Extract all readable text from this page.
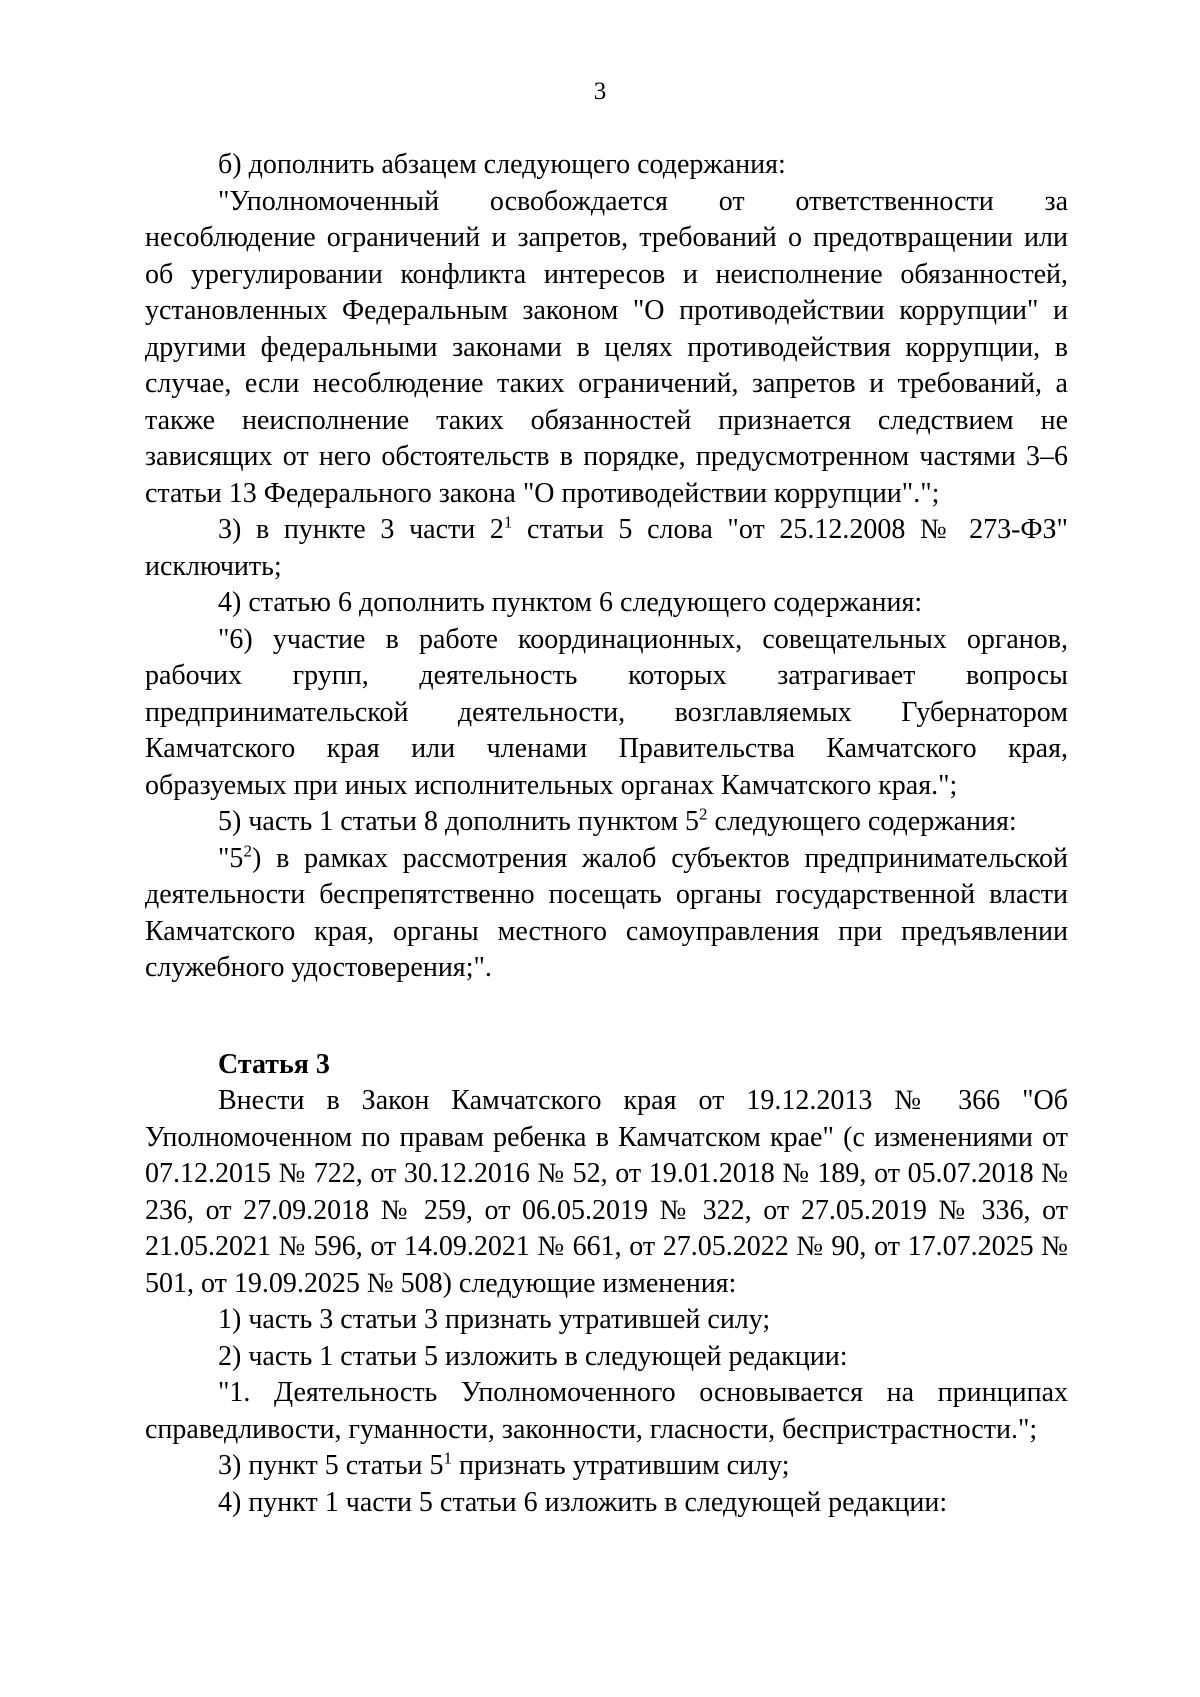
3

б) дополнить абзацем следующего содержания:

"Уполномоченный освобождается от ответственности за несоблюдение ограничений и запретов, требований о предотвращении или об урегулировании конфликта интересов и неисполнение обязанностей, установленных Федеральным законом "О противодействии коррупции" и другими федеральными законами в целях противодействия коррупции, в случае, если несоблюдение таких ограничений, запретов и требований, а также неисполнение таких обязанностей признается следствием не зависящих от него обстоятельств в порядке, предусмотренном частями 3–6 статьи 13 Федерального закона "О противодействии коррупции".";

3) в пункте 3 части $2^1$ статьи 5 слова "от 25.12.2008 № 273-ФЗ" исключить;

4) статью 6 дополнить пунктом 6 следующего содержания:

"6) участие в работе координационных, совещательных органов, рабочих групп, деятельность которых затрагивает вопросы предпринимательской деятельности, возглавляемых Губернатором Камчатского края или членами Правительства Камчатского края, образуемых при иных исполнительных органах Камчатского края.";

5) часть 1 статьи 8 дополнить пунктом $5^2$ следующего содержания:

"$5^2$) в рамках рассмотрения жалоб субъектов предпринимательской деятельности беспрепятственно посещать органы государственной власти Камчатского края, органы местного самоуправления при предъявлении служебного удостоверения;".

Статья 3

Внести в Закон Камчатского края от 19.12.2013 № 366 "Об Уполномоченном по правам ребенка в Камчатском крае" (с изменениями от 07.12.2015 № 722, от 30.12.2016 № 52, от 19.01.2018 № 189, от 05.07.2018 № 236, от 27.09.2018 № 259, от 06.05.2019 № 322, от 27.05.2019 № 336, от 21.05.2021 № 596, от 14.09.2021 № 661, от 27.05.2022 № 90, от 17.07.2025 № 501, от 19.09.2025 № 508) следующие изменения:

1) часть 3 статьи 3 признать утратившей силу;

2) часть 1 статьи 5 изложить в следующей редакции:

"1. Деятельность Уполномоченного основывается на принципах справедливости, гуманности, законности, гласности, беспристрастности.";

3) пункт 5 статьи $5^1$ признать утратившим силу;

4) пункт 1 части 5 статьи 6 изложить в следующей редакции:
